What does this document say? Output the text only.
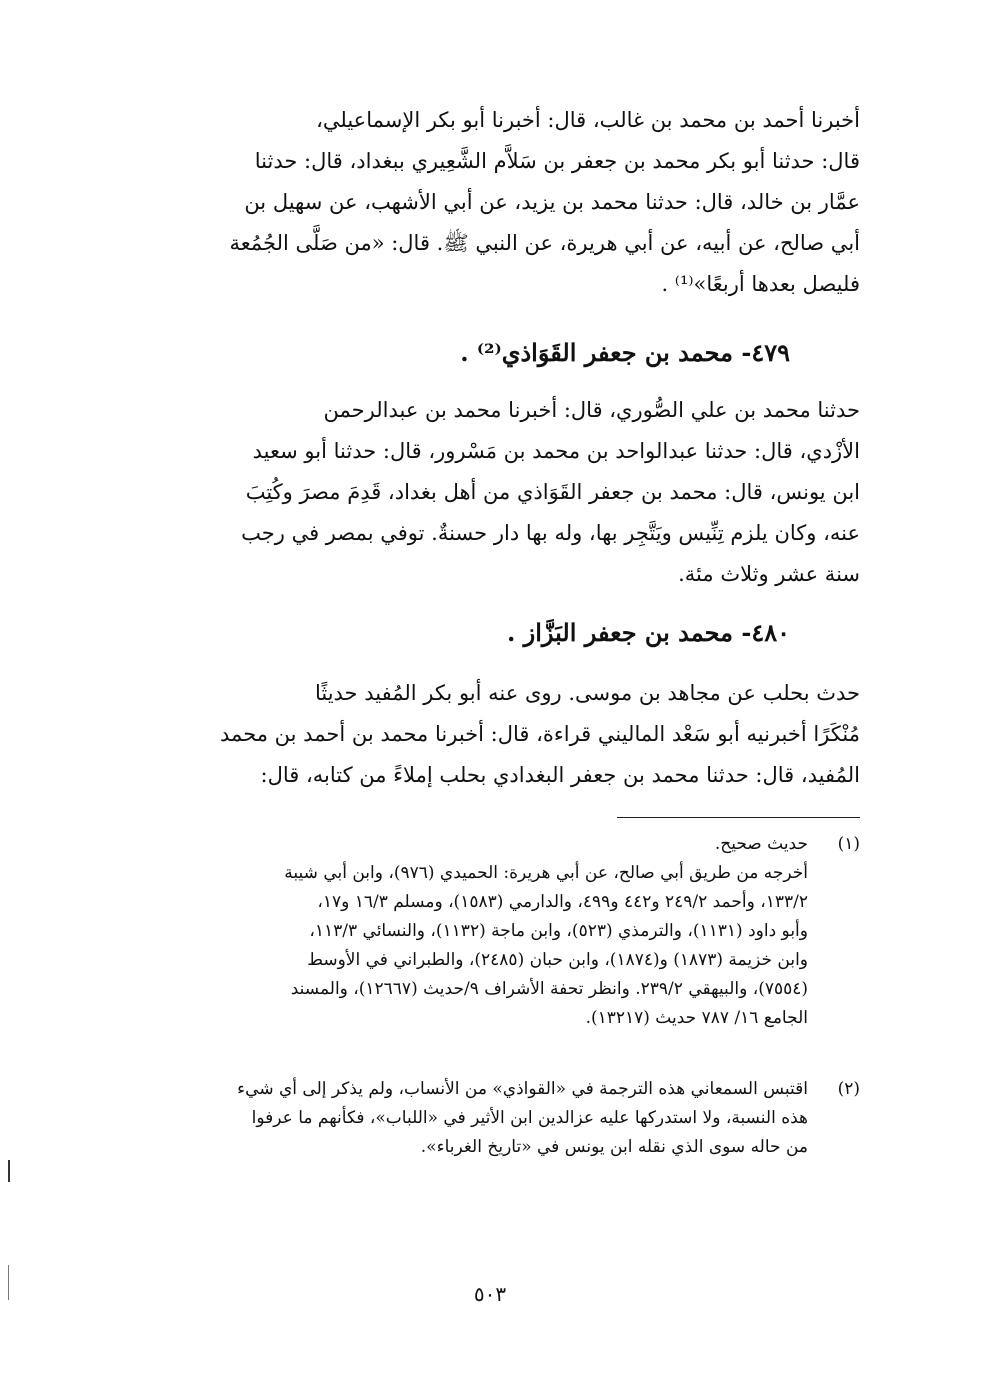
أخبرنا أحمد بن محمد بن غالب، قال: أخبرنا أبو بكر الإسماعيلي،
قال: حدثنا أبو بكر محمد بن جعفر بن سَلاَّم الشَّعِيري ببغداد، قال: حدثنا
عمَّار بن خالد، قال: حدثنا محمد بن يزيد، عن أبي الأشهب، عن سهيل بن
أبي صالح، عن أبيه، عن أبي هريرة، عن النبي ﷺ. قال: «من صَلَّى الجُمُعة
فليصل بعدها أربعًا»⁽¹⁾ .
٤٧٩- محمد بن جعفر القَوَاذي⁽²⁾ .
حدثنا محمد بن علي الصُّوري، قال: أخبرنا محمد بن عبدالرحمن
الأزْدي، قال: حدثنا عبدالواحد بن محمد بن مَسْرور، قال: حدثنا أبو سعيد
ابن يونس، قال: محمد بن جعفر القَوَاذي من أهل بغداد، قَدِمَ مصرَ وكُتِبَ
عنه، وكان يلزم تِنِّيس ويَتَّجِر بها، وله بها دار حسنةٌ. توفي بمصر في رجب
سنة عشر وثلاث مئة.
٤٨٠- محمد بن جعفر البَزَّاز .
حدث بحلب عن مجاهد بن موسى. روى عنه أبو بكر المُفيد حديثًا
مُنْكَرًا أخبرنيه أبو سَعْد الماليني قراءة، قال: أخبرنا محمد بن أحمد بن محمد
المُفيد، قال: حدثنا محمد بن جعفر البغدادي بحلب إملاءً من كتابه، قال:
(١)
حديث صحيح.
أخرجه من طريق أبي صالح، عن أبي هريرة: الحميدي (٩٧٦)، وابن أبي شيبة
١٣٣/٢، وأحمد ٢٤٩/٢ و٤٤٢ و٤٩٩، والدارمي (١٥٨٣)، ومسلم ١٦/٣ و١٧،
وأبو داود (١١٣١)، والترمذي (٥٢٣)، وابن ماجة (١١٣٢)، والنسائي ١١٣/٣،
وابن خزيمة (١٨٧٣) و(١٨٧٤)، وابن حبان (٢٤٨٥)، والطبراني في الأوسط
(٧٥٥٤)، والبيهقي ٢٣٩/٢. وانظر تحفة الأشراف ٩/حديث (١٢٦٦٧)، والمسند
الجامع ١٦/ ٧٨٧ حديث (١٣٢١٧).
(٢)
اقتبس السمعاني هذه الترجمة في «القواذي» من الأنساب، ولم يذكر إلى أي شيء
هذه النسبة، ولا استدركها عليه عزالدين ابن الأثير في «اللباب»، فكأنهم ما عرفوا
من حاله سوى الذي نقله ابن يونس في «تاريخ الغرباء».
٥٠٣
